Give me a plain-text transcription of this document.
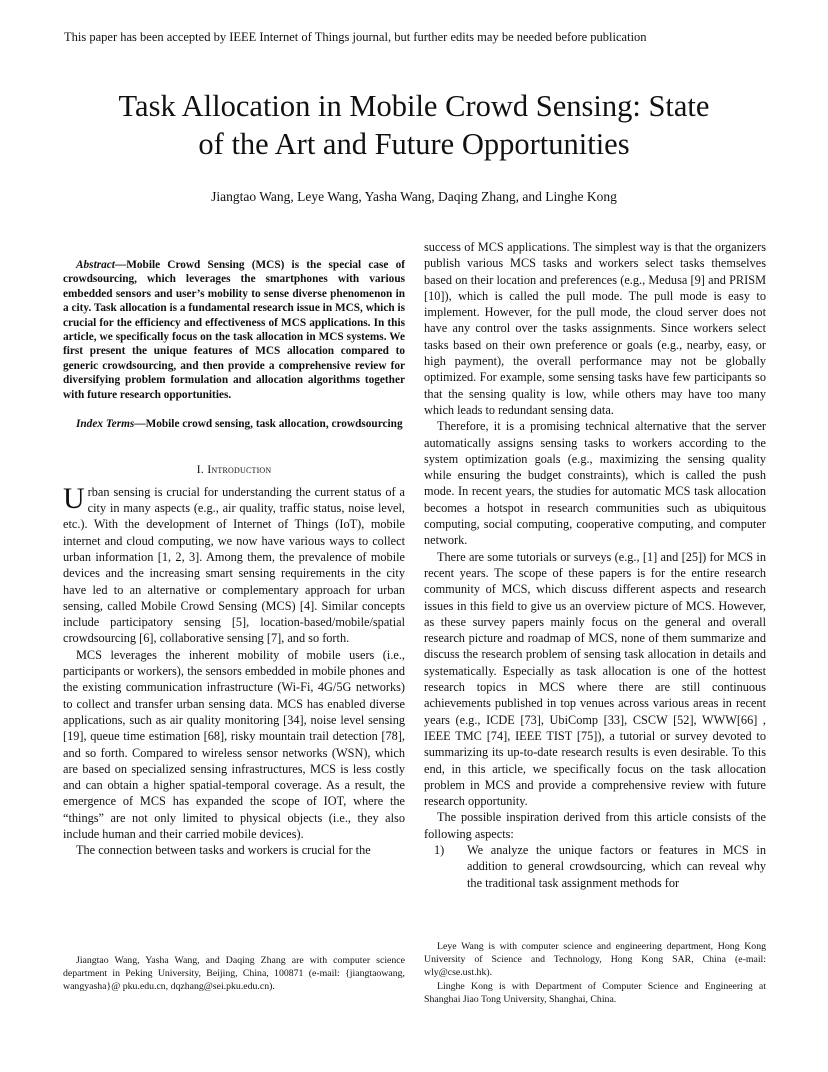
This paper has been accepted by IEEE Internet of Things journal, but further edits may be needed before publication
Task Allocation in Mobile Crowd Sensing: State
of the Art and Future Opportunities
Jiangtao Wang, Leye Wang, Yasha Wang, Daqing Zhang, and Linghe Kong

Abstract—Mobile Crowd Sensing (MCS) is the special case of crowdsourcing, which leverages the smartphones with various embedded sensors and user’s mobility to sense diverse phenomenon in a city. Task allocation is a fundamental research issue in MCS, which is crucial for the efficiency and effectiveness of MCS applications. In this article, we specifically focus on the task allocation in MCS systems. We first present the unique features of MCS allocation compared to generic crowdsourcing, and then provide a comprehensive review for diversifying problem formulation and allocation algorithms together with future research opportunities.

Index Terms—Mobile crowd sensing, task allocation, crowdsourcing

I. Introduction

Urban sensing is crucial for understanding the current status of a city in many aspects (e.g., air quality, traffic status, noise level, etc.). With the development of Internet of Things (IoT), mobile internet and cloud computing, we now have various ways to collect urban information [1, 2, 3]. Among them, the prevalence of mobile devices and the increasing smart sensing requirements in the city have led to an alternative or complementary approach for urban sensing, called Mobile Crowd Sensing (MCS) [4]. Similar concepts include participatory sensing [5], location-based/mobile/spatial crowdsourcing [6], collaborative sensing [7], and so forth.

MCS leverages the inherent mobility of mobile users (i.e., participants or workers), the sensors embedded in mobile phones and the existing communication infrastructure (Wi-Fi, 4G/5G networks) to collect and transfer urban sensing data. MCS has enabled diverse applications, such as air quality monitoring [34], noise level sensing [19], queue time estimation [68], risky mountain trail detection [78], and so forth. Compared to wireless sensor networks (WSN), which are based on specialized sensing infrastructures, MCS is less costly and can obtain a higher spatial-temporal coverage. As a result, the emergence of MCS has expanded the scope of IOT, where the “things” are not only limited to physical objects (i.e., they also include human and their carried mobile devices).

The connection between tasks and workers is crucial for the

success of MCS applications. The simplest way is that the organizers publish various MCS tasks and workers select tasks themselves based on their location and preferences (e.g., Medusa [9] and PRISM [10]), which is called the pull mode. The pull mode is easy to implement. However, for the pull mode, the cloud server does not have any control over the tasks assignments. Since workers select tasks based on their own preference or goals (e.g., nearby, easy, or high payment), the overall performance may not be globally optimized. For example, some sensing tasks have few participants so that the sensing quality is low, while others may have too many which leads to redundant sensing data.

Therefore, it is a promising technical alternative that the server automatically assigns sensing tasks to workers according to the system optimization goals (e.g., maximizing the sensing quality while ensuring the budget constraints), which is called the push mode. In recent years, the studies for automatic MCS task allocation becomes a hotspot in research communities such as ubiquitous computing, social computing, cooperative computing, and computer network.

There are some tutorials or surveys (e.g., [1] and [25]) for MCS in recent years. The scope of these papers is for the entire research community of MCS, which discuss different aspects and research issues in this field to give us an overview picture of MCS. However, as these survey papers mainly focus on the general and overall research picture and roadmap of MCS, none of them summarize and discuss the research problem of sensing task allocation in details and systematically. Especially as task allocation is one of the hottest research topics in MCS where there are still continuous achievements published in top venues across various areas in recent years (e.g., ICDE [73], UbiComp [33], CSCW [52], WWW[66] , IEEE TMC [74], IEEE TIST [75]), a tutorial or survey devoted to summarizing its up-to-date research results is even desirable. To this end, in this article, we specifically focus on the task allocation problem in MCS and provide a comprehensive review with future research opportunity.

The possible inspiration derived from this article consists of the following aspects:

1) We analyze the unique factors or features in MCS in addition to general crowdsourcing, which can reveal why the traditional task assignment methods for

Jiangtao Wang, Yasha Wang, and Daqing Zhang are with computer science department in Peking University, Beijing, China, 100871 (e-mail: {jiangtaowang, wangyasha}@ pku.edu.cn, dqzhang@sei.pku.edu.cn).

Leye Wang is with computer science and engineering department, Hong Kong University of Science and Technology, Hong Kong SAR, China (e-mail: wly@cse.ust.hk).

Linghe Kong is with Department of Computer Science and Engineering at Shanghai Jiao Tong University, Shanghai, China.
